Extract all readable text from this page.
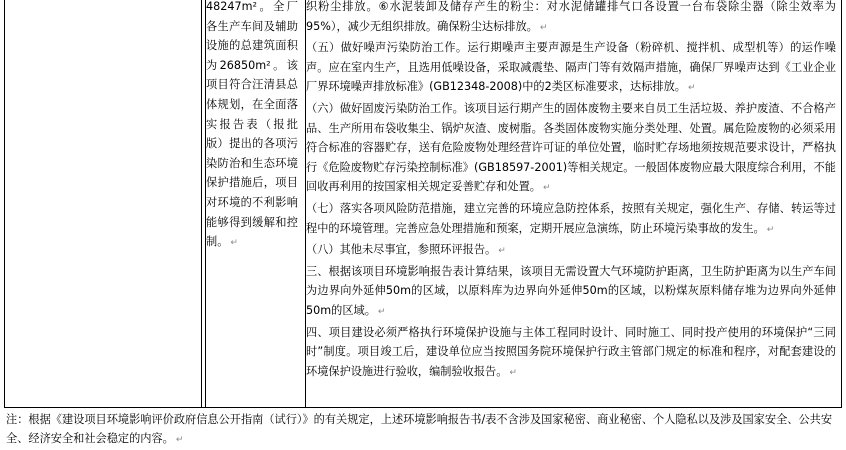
48247m²。全厂各生产车间及辅助设施的总建筑面积为26850m²。该项目符合汪清县总体规划，在全面落实报告表（报批版）提出的各项污染防治和生态环境保护措施后，项目对环境的不利影响能够得到缓解和控制。 ↵

织粉尘排放。⑥水泥装卸及储存产生的粉尘：对水泥储罐排气口各设置一台布袋除尘器（除尘效率为95%），减少无组织排放。确保粉尘达标排放。 ↵

（五）做好噪声污染防治工作。运行期噪声主要声源是生产设备（粉碎机、搅拌机、成型机等）的运作噪声。应在室内生产，且选用低噪设备，采取减震垫、隔声门等有效隔声措施，确保厂界噪声达到《工业企业厂界环境噪声排放标准》(GB12348-2008)中的2类区标准要求，达标排放。 ↵

（六）做好固废污染防治工作。该项目运行期产生的固体废物主要来自员工生活垃圾、养护废渣、不合格产品、生产所用布袋收集尘、锅炉灰渣、废树脂。各类固体废物实施分类处理、处置。属危险废物的必须采用符合标准的容器贮存，送有危险废物处理经营许可证的单位处置，临时贮存场地须按规范要求设计，严格执行《危险废物贮存污染控制标准》(GB18597-2001)等相关规定。一般固体废物应最大限度综合利用，不能回收再利用的按国家相关规定妥善贮存和处置。 ↵

（七）落实各项风险防范措施，建立完善的环境应急防控体系，按照有关规定，强化生产、存储、转运等过程中的环境管理。完善应急处理措施和预案，定期开展应急演练，防止环境污染事故的发生。 ↵

（八）其他未尽事宜，参照环评报告。 ↵

三、根据该项目环境影响报告表计算结果，该项目无需设置大气环境防护距离，卫生防护距离为以生产车间为边界向外延伸50m的区域，以原料库为边界向外延伸50m的区域，以粉煤灰原料储存堆为边界向外延伸50m的区域。 ↵

四、项目建设必须严格执行环境保护设施与主体工程同时设计、同时施工、同时投产使用的环境保护“三同时”制度。项目竣工后，建设单位应当按照国务院环境保护行政主管部门规定的标准和程序，对配套建设的环境保护设施进行验收，编制验收报告。 ↵

注：根据《建设项目环境影响评价政府信息公开指南（试行）》的有关规定，上述环境影响报告书/表不含涉及国家秘密、商业秘密、个人隐私以及涉及国家安全、公共安全、经济安全和社会稳定的内容。 ↵
